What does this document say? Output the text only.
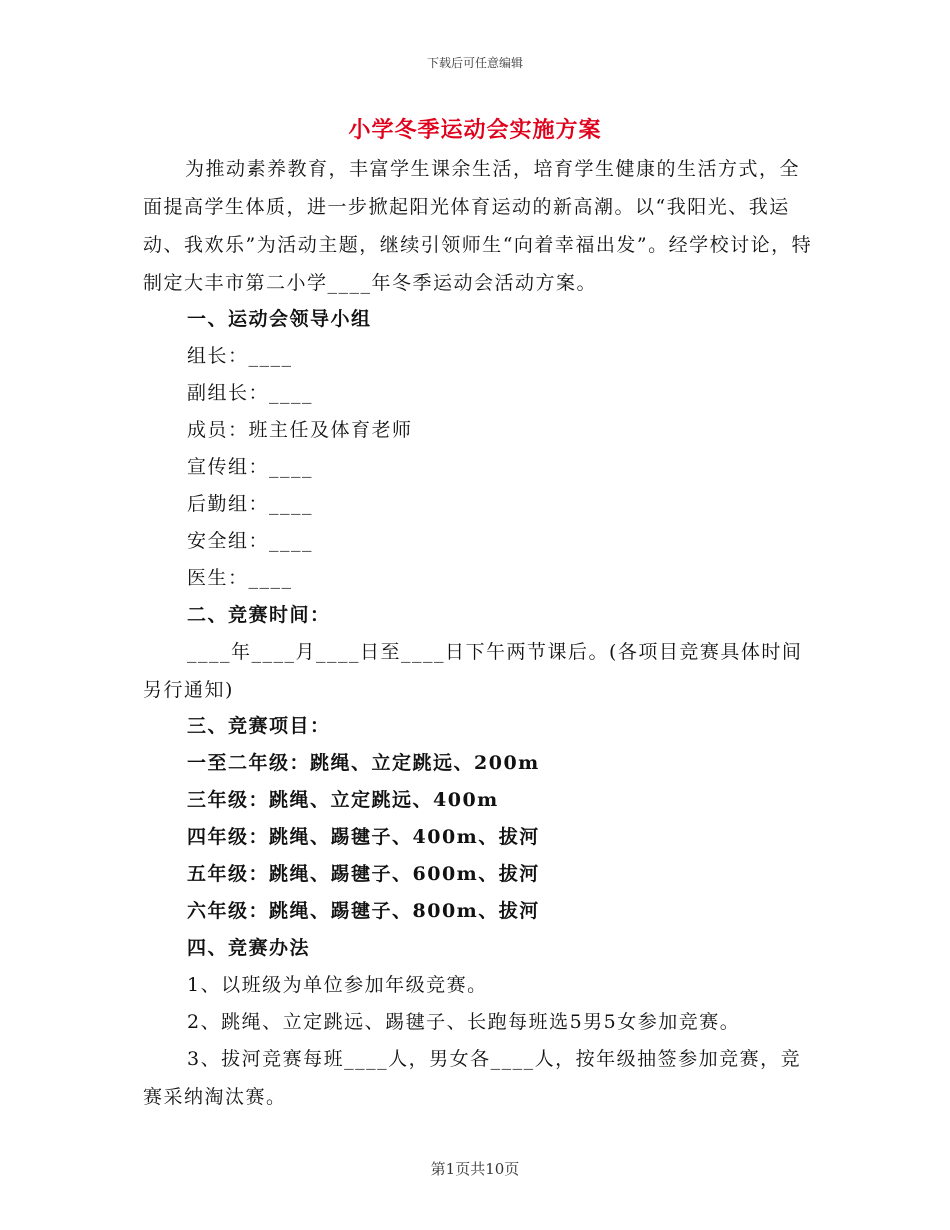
下载后可任意编辑
小学冬季运动会实施方案

为推动素养教育，丰富学生课余生活，培育学生健康的生活方式，全面提高学生体质，进一步掀起阳光体育运动的新高潮。以“我阳光、我运动、我欢乐”为活动主题，继续引领师生“向着幸福出发”。经学校讨论，特制定大丰市第二小学____年冬季运动会活动方案。

一、运动会领导小组
组长：____
副组长：____
成员：班主任及体育老师
宣传组：____
后勤组：____
安全组：____
医生：____
二、竞赛时间：

____年____月____日至____日下午两节课后。(各项目竞赛具体时间另行通知)

三、竞赛项目：
一至二年级：跳绳、立定跳远、200m
三年级：跳绳、立定跳远、400m
四年级：跳绳、踢毽子、400m、拔河
五年级：跳绳、踢毽子、600m、拔河
六年级：跳绳、踢毽子、800m、拔河
四、竞赛办法
1、以班级为单位参加年级竞赛。
2、跳绳、立定跳远、踢毽子、长跑每班选5男5女参加竞赛。

3、拔河竞赛每班____人，男女各____人，按年级抽签参加竞赛，竞赛采纳淘汰赛。

第1页共10页
